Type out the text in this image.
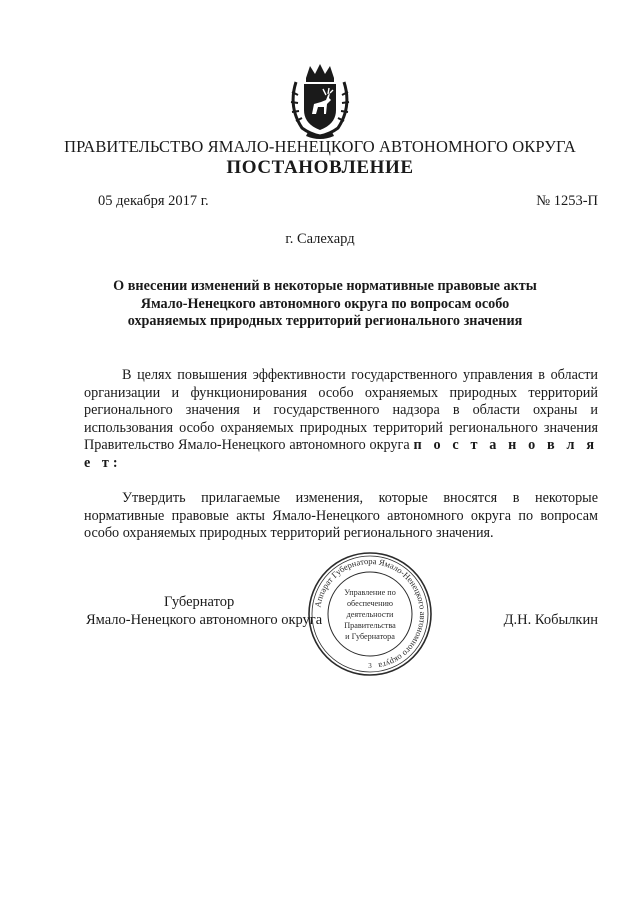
ПРАВИТЕЛЬСТВО ЯМАЛО-НЕНЕЦКОГО АВТОНОМНОГО ОКРУГА
ПОСТАНОВЛЕНИЕ
05 декабря 2017 г.	№ 1253-П
г. Салехард
О внесении изменений в некоторые нормативные правовые акты Ямало-Ненецкого автономного округа по вопросам особо охраняемых природных территорий регионального значения
В целях повышения эффективности государственного управления в области организации и функционирования особо охраняемых природных территорий регионального значения и государственного надзора в области охраны и использования особо охраняемых природных территорий регионального значения Правительство Ямало-Ненецкого автономного округа п о с т а н о в л я е т:
Утвердить прилагаемые изменения, которые вносятся в некоторые нормативные правовые акты Ямало-Ненецкого автономного округа по вопросам особо охраняемых природных территорий регионального значения.
Губернатор
Ямало-Ненецкого автономного округа	Д.Н. Кобылкин
Аппарат Губернатора Ямало-Ненецкого автономного округа
Управление по
обеспечению
деятельности
Правительства
и Губернатора
3
